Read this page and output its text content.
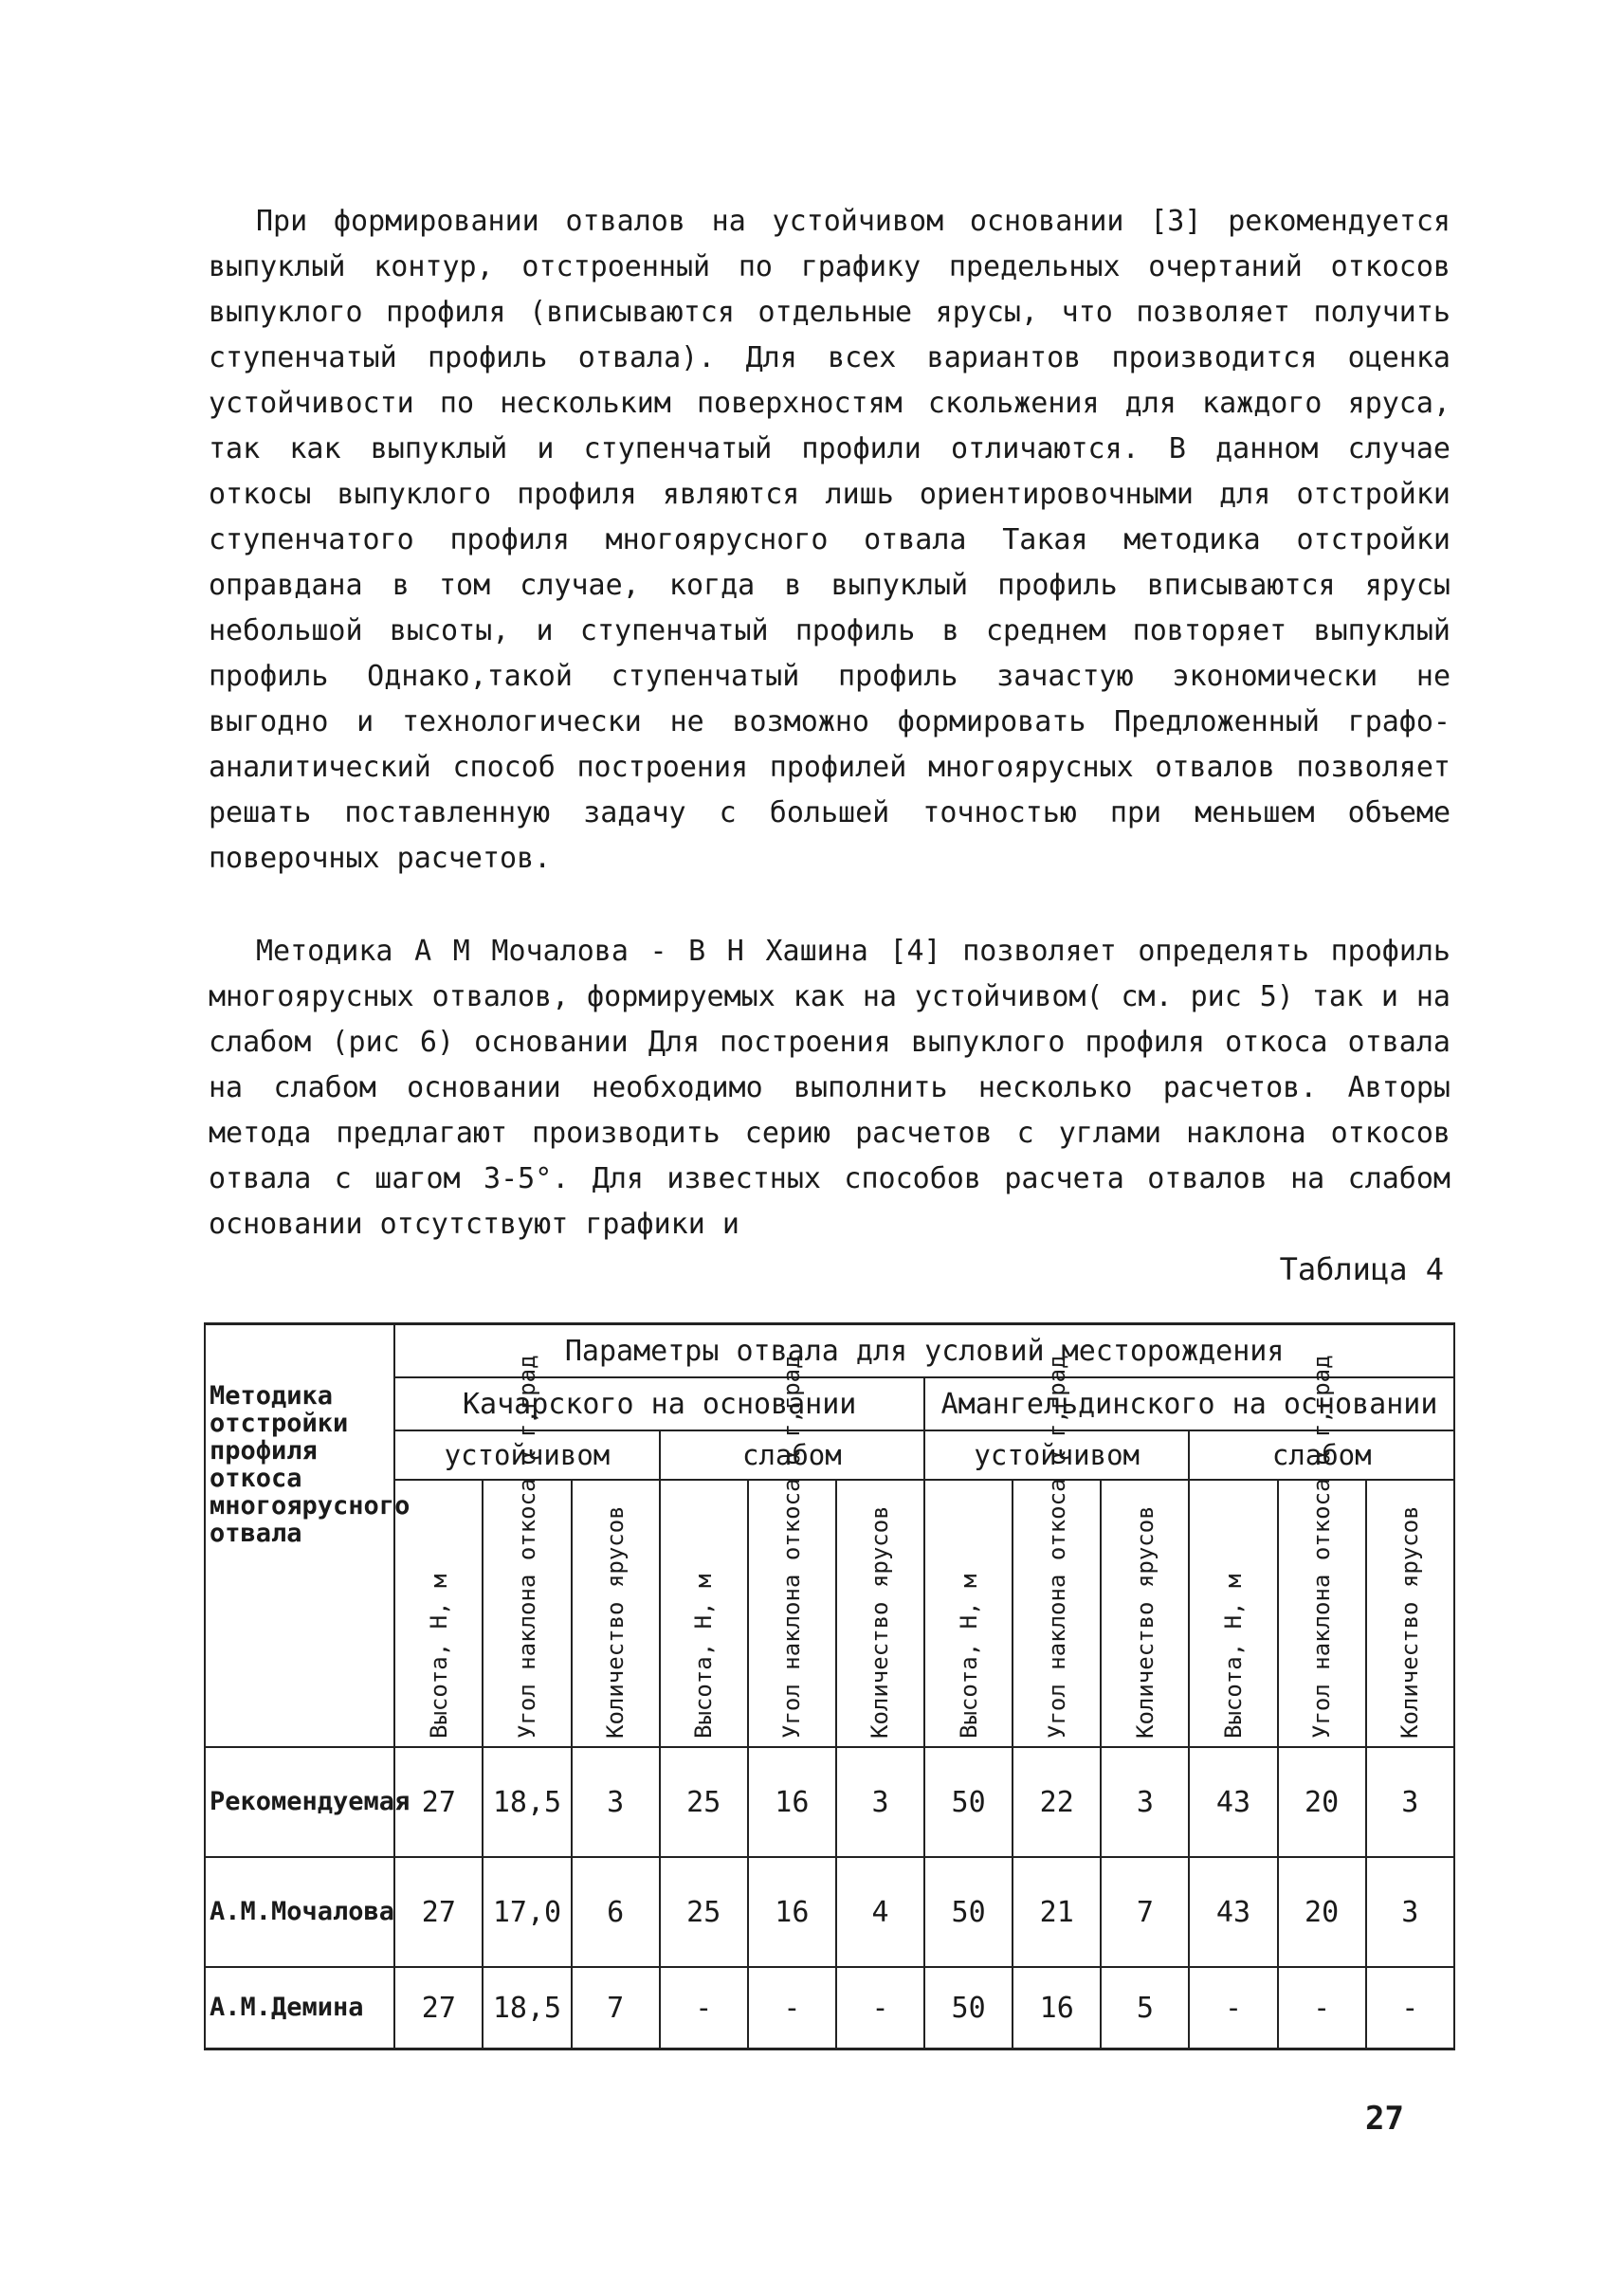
При формировании отвалов на устойчивом основании [3] рекомендуется выпуклый контур, отстроенный по графику предельных очертаний откосов выпуклого профиля (вписываются отдельные ярусы, что позволяет получить ступенчатый профиль отвала). Для всех вариантов производится оценка устойчивости по нескольким поверхностям скольжения для каждого яруса, так как выпуклый и ступенчатый профили отличаются. В данном случае откосы выпуклого профиля являются лишь ориентировочными для отстройки ступенчатого профиля многоярусного отвала Такая методика отстройки оправдана в том случае, когда в выпуклый профиль вписываются ярусы небольшой высоты, и ступенчатый профиль в среднем повторяет выпуклый профиль Однако,такой ступенчатый профиль зачастую экономически не выгодно и технологически не возможно формировать Предложенный графо-аналитический способ построения профилей многоярусных отвалов позволяет решать поставленную задачу с большей точностью при меньшем объеме поверочных расчетов.

Методика А М Мочалова - В Н Хашина [4] позволяет определять профиль многоярусных отвалов, формируемых как на устойчивом( см. рис 5) так и на слабом (рис 6) основании Для построения выпуклого профиля откоса отвала на слабом основании необходимо выполнить несколько расчетов. Авторы метода предлагают производить серию расчетов с углами наклона откосов отвала с шагом 3-5°. Для известных способов расчета отвалов на слабом основании отсутствуют графики и

Таблица 4
Методика отстройки профиля откоса многоярусного отвала	Параметры отвала для условий месторождения											
	Качарского на основании						Амангельдинского на основании					
	устойчивом			слабом			устойчивом			слабом		

	Высота, Н, м	Угол наклона откоса α г,град	Количество ярусов	Высота, Н, м	Угол наклона откоса α г,град	Количество ярусов	Высота, Н, м	Угол наклона откоса α г,град	Количество ярусов	Высота, Н, м	Угол наклона откоса α г,град	Количество ярусов

Рекомендуемая	27	18,5	3	25	16	3	50	22	3	43	20	3
А.М.Мочалова	27	17,0	6	25	16	4	50	21	7	43	20	3
А.М.Демина	27	18,5	7	-	-	-	50	16	5	-	-	-
27
